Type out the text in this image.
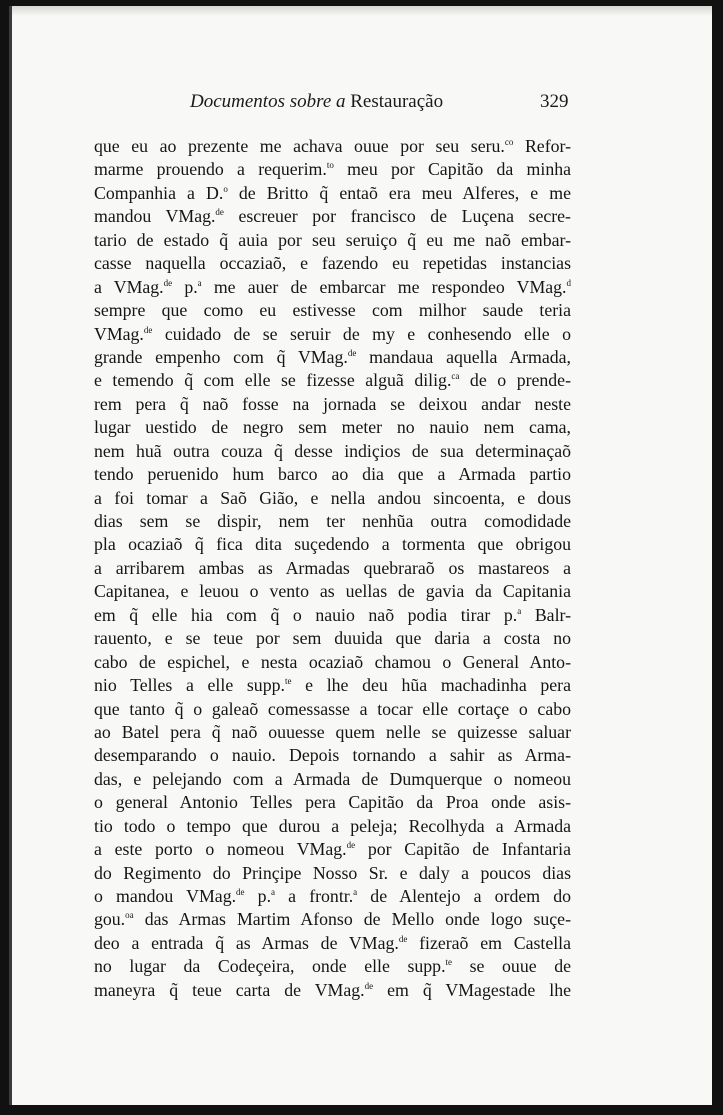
Documentos sobre a Restauração	329
que eu ao prezente me achava ouue por seu seru.$^{co}$ Refor-
marme prouendo a requerim.$^{to}$ meu por Capitão da minha
Companhia a D.$^o$ de Britto q̃ entaõ era meu Alferes, e me
mandou VMag.$^{de}$ escreuer por francisco de Luçena secre-
tario de estado q̃ auia por seu seruiço q̃ eu me naõ embar-
casse naquella occaziaõ, e fazendo eu repetidas instancias
a VMag.$^{de}$ p.$^a$ me auer de embarcar me respondeo VMag.$^d$
sempre que como eu estivesse com milhor saude teria
VMag.$^{de}$ cuidado de se seruir de my e conhesendo elle o
grande empenho com q̃ VMag.$^{de}$ mandaua aquella Armada,
e temendo q̃ com elle se fizesse alguã dilig.$^{ca}$ de o prende-
rem pera q̃ naõ fosse na jornada se deixou andar neste
lugar uestido de negro sem meter no nauio nem cama,
nem huã outra couza q̃ desse indiçios de sua determinaçaõ
tendo peruenido hum barco ao dia que a Armada partio
a foi tomar a Saõ Gião, e nella andou sincoenta, e dous
dias sem se dispir, nem ter nenhũa outra comodidade
pla ocaziaõ q̃ fica dita suçedendo a tormenta que obrigou
a arribarem ambas as Armadas quebraraõ os mastareos a
Capitanea, e leuou o vento as uellas de gavia da Capitania
em q̃ elle hia com q̃ o nauio naõ podia tirar p.$^a$ Balr-
rauento, e se teue por sem duuida que daria a costa no
cabo de espichel, e nesta ocaziaõ chamou o General Anto-
nio Telles a elle supp.$^{te}$ e lhe deu hũa machadinha pera
que tanto q̃ o galeaõ comessasse a tocar elle cortaçe o cabo
ao Batel pera q̃ naõ ouuesse quem nelle se quizesse saluar
desemparando o nauio. Depois tornando a sahir as Arma-
das, e pelejando com a Armada de Dumquerque o nomeou
o general Antonio Telles pera Capitão da Proa onde asis-
tio todo o tempo que durou a peleja; Recolhyda a Armada
a este porto o nomeou VMag.$^{de}$ por Capitão de Infantaria
do Regimento do Prinçipe Nosso Sr. e daly a poucos dias
o mandou VMag.$^{de}$ p.$^a$ a frontr.$^a$ de Alentejo a ordem do
gou.$^{oa}$ das Armas Martim Afonso de Mello onde logo suçe-
deo a entrada q̃ as Armas de VMag.$^{de}$ fizeraõ em Castella
no lugar da Codeçeira, onde elle supp.$^{te}$ se ouue de
maneyra q̃ teue carta de VMag.$^{de}$ em q̃ VMagestade lhe
